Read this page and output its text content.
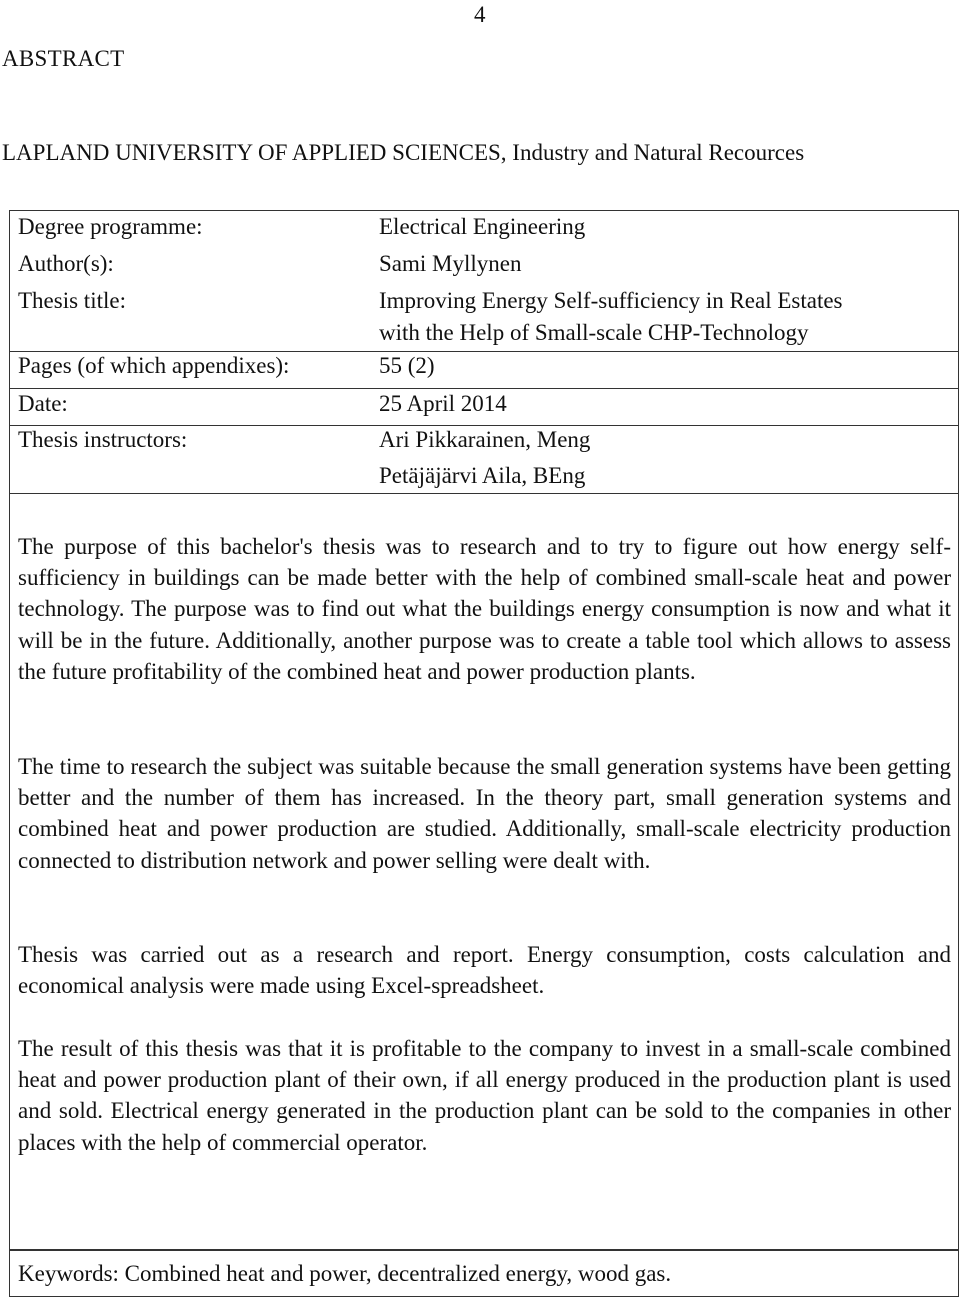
4
ABSTRACT
LAPLAND UNIVERSITY OF APPLIED SCIENCES, Industry and Natural Recources
Degree programme:	Electrical Engineering
Author(s):	Sami Myllynen
Thesis title:	Improving Energy Self-sufficiency in Real Estates
with the Help of Small-scale CHP-Technology
Pages (of which appendixes):	55 (2)
Date:	25 April 2014
Thesis instructors:	Ari Pikkarainen, Meng
Petäjäjärvi Aila, BEng
The purpose of this bachelor's thesis was to research and to try to figure out how energy self-sufficiency in buildings can be made better with the help of combined small-scale heat and power technology. The purpose was to find out what the buildings energy consumption is now and what it will be in the future. Additionally, another purpose was to create a table tool which allows to assess the future profitability of the combined heat and power production plants.
The time to research the subject was suitable because the small generation systems have been getting better and the number of them has increased. In the theory part, small generation systems and combined heat and power production are studied. Additionally, small-scale electricity production connected to distribution network and power selling were dealt with.
Thesis was carried out as a research and report. Energy consumption, costs calculation and economical analysis were made using Excel-spreadsheet.
The result of this thesis was that it is profitable to the company to invest in a small-scale combined heat and power production plant of their own, if all energy produced in the production plant is used and sold. Electrical energy generated in the production plant can be sold to the companies in other places with the help of commercial operator.
Keywords: Combined heat and power, decentralized energy, wood gas.
